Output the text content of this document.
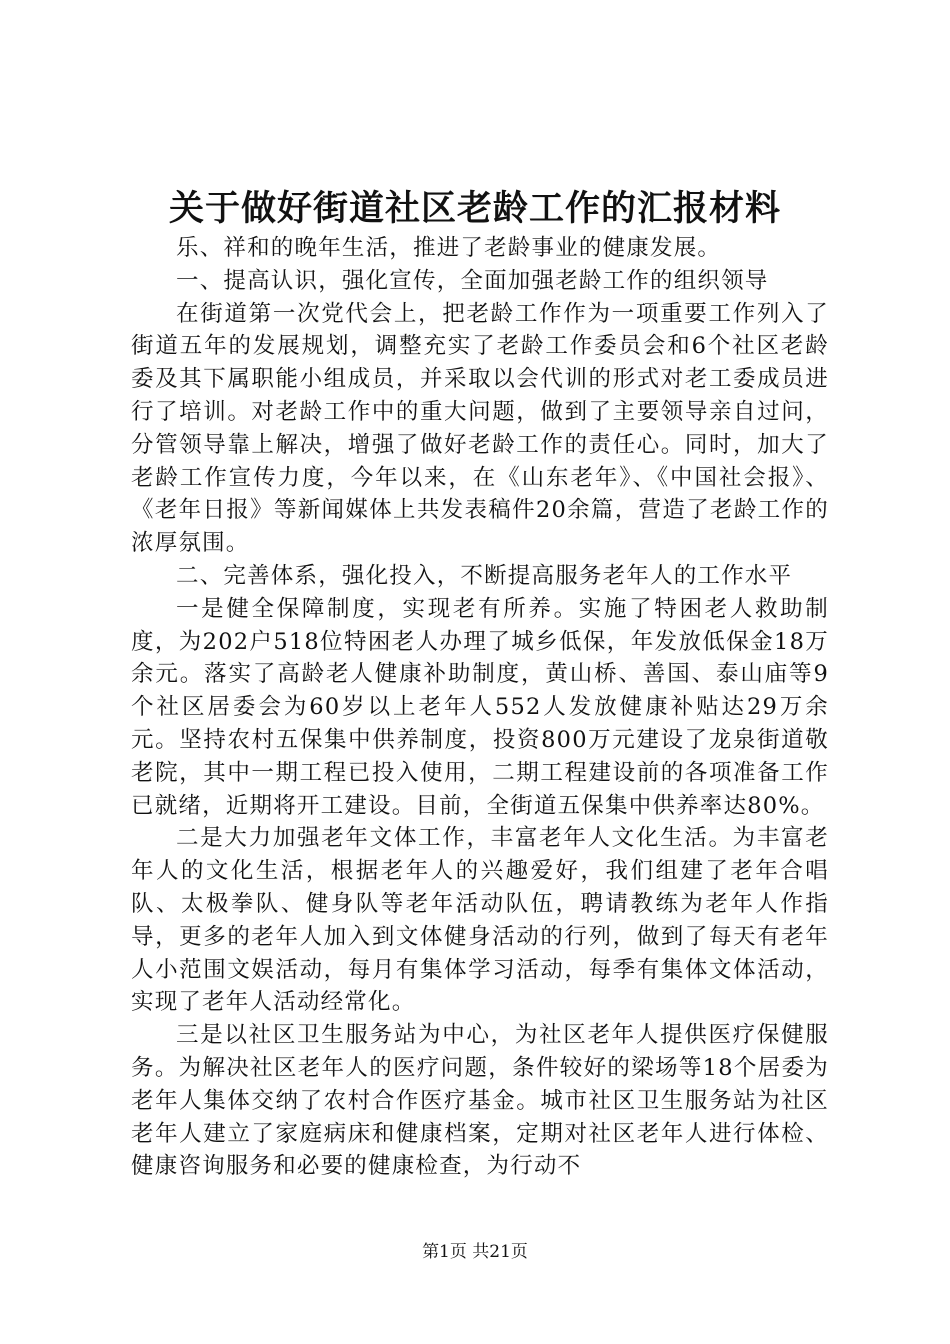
关于做好街道社区老龄工作的汇报材料

乐、祥和的晚年生活，推进了老龄事业的健康发展。

一、提高认识，强化宣传，全面加强老龄工作的组织领导

在街道第一次党代会上，把老龄工作作为一项重要工作列入了街道五年的发展规划，调整充实了老龄工作委员会和6个社区老龄委及其下属职能小组成员，并采取以会代训的形式对老工委成员进行了培训。对老龄工作中的重大问题，做到了主要领导亲自过问，分管领导靠上解决，增强了做好老龄工作的责任心。同时，加大了老龄工作宣传力度，今年以来，在《山东老年》、《中国社会报》、《老年日报》等新闻媒体上共发表稿件20余篇，营造了老龄工作的浓厚氛围。

二、完善体系，强化投入，不断提高服务老年人的工作水平

一是健全保障制度，实现老有所养。实施了特困老人救助制度，为202户518位特困老人办理了城乡低保，年发放低保金18万余元。落实了高龄老人健康补助制度，黄山桥、善国、泰山庙等9个社区居委会为60岁以上老年人552人发放健康补贴达29万余元。坚持农村五保集中供养制度，投资800万元建设了龙泉街道敬老院，其中一期工程已投入使用，二期工程建设前的各项准备工作已就绪，近期将开工建设。目前，全街道五保集中供养率达80%。

二是大力加强老年文体工作，丰富老年人文化生活。为丰富老年人的文化生活，根据老年人的兴趣爱好，我们组建了老年合唱队、太极拳队、健身队等老年活动队伍，聘请教练为老年人作指导，更多的老年人加入到文体健身活动的行列，做到了每天有老年人小范围文娱活动，每月有集体学习活动，每季有集体文体活动，实现了老年人活动经常化。

三是以社区卫生服务站为中心，为社区老年人提供医疗保健服务。为解决社区老年人的医疗问题，条件较好的梁场等18个居委为老年人集体交纳了农村合作医疗基金。城市社区卫生服务站为社区老年人建立了家庭病床和健康档案，定期对社区老年人进行体检、健康咨询服务和必要的健康检查，为行动不

第1页 共21页
